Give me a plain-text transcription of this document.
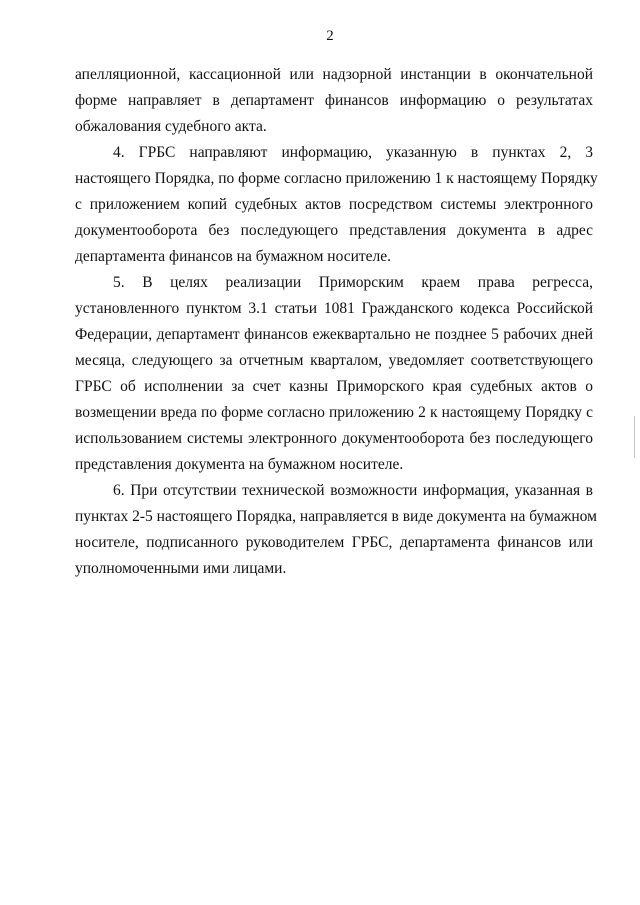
2
апелляционной, кассационной или надзорной инстанции в окончательной
форме направляет в департамент финансов информацию о результатах
обжалования судебного акта.
4. ГРБС направляют информацию, указанную в пунктах 2, 3
настоящего Порядка, по форме согласно приложению 1 к настоящему Порядку
с приложением копий судебных актов посредством системы электронного
документооборота без последующего представления документа в адрес
департамента финансов на бумажном носителе.
5. В целях реализации Приморским краем права регресса,
установленного пунктом 3.1 статьи 1081 Гражданского кодекса Российской
Федерации, департамент финансов ежеквартально не позднее 5 рабочих дней
месяца, следующего за отчетным кварталом, уведомляет соответствующего
ГРБС об исполнении за счет казны Приморского края судебных актов о
возмещении вреда по форме согласно приложению 2 к настоящему Порядку с
использованием системы электронного документооборота без последующего
представления документа на бумажном носителе.
6. При отсутствии технической возможности информация, указанная в
пунктах 2-5 настоящего Порядка, направляется в виде документа на бумажном
носителе, подписанного руководителем ГРБС, департамента финансов или
уполномоченными ими лицами.
